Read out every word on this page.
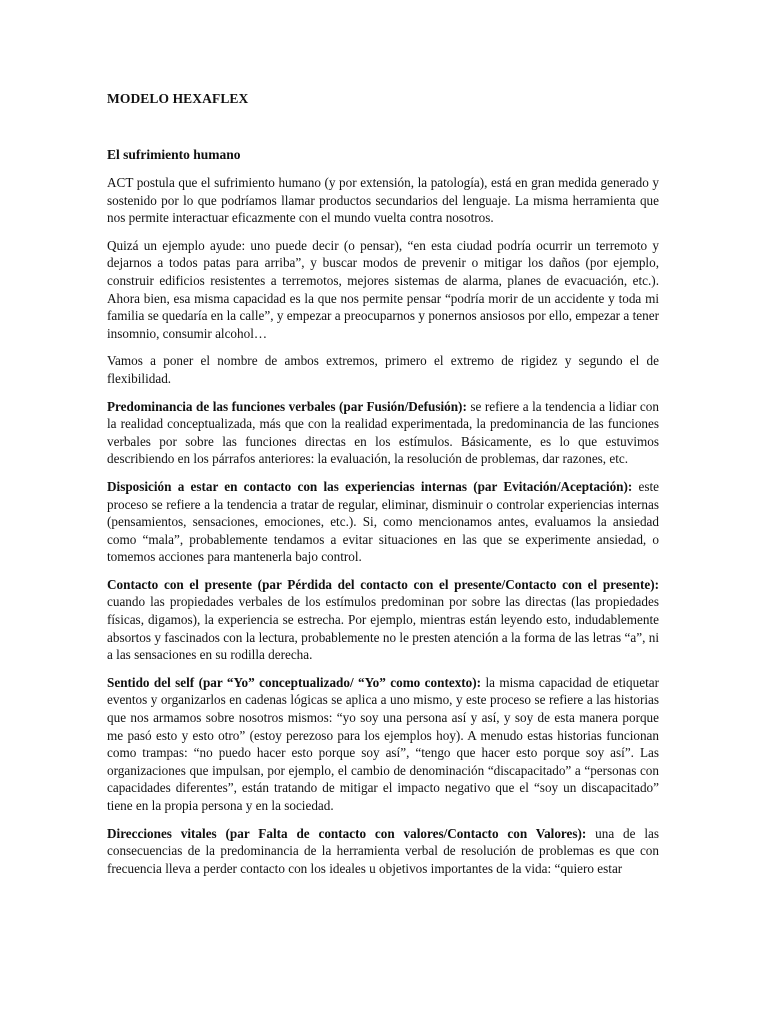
MODELO HEXAFLEX
El sufrimiento humano

ACT postula que el sufrimiento humano (y por extensión, la patología), está en gran medida generado y sostenido por lo que podríamos llamar productos secundarios del lenguaje. La misma herramienta que nos permite interactuar eficazmente con el mundo vuelta contra nosotros.

Quizá un ejemplo ayude: uno puede decir (o pensar), “en esta ciudad podría ocurrir un terremoto y dejarnos a todos patas para arriba”, y buscar modos de prevenir o mitigar los daños (por ejemplo, construir edificios resistentes a terremotos, mejores sistemas de alarma, planes de evacuación, etc.). Ahora bien, esa misma capacidad es la que nos permite pensar “podría morir de un accidente y toda mi familia se quedaría en la calle”, y empezar a preocuparnos y ponernos ansiosos por ello, empezar a tener insomnio, consumir alcohol…

Vamos a poner el nombre de ambos extremos, primero el extremo de rigidez y segundo el de flexibilidad.

Predominancia de las funciones verbales (par Fusión/Defusión): se refiere a la tendencia a lidiar con la realidad conceptualizada, más que con la realidad experimentada, la predominancia de las funciones verbales por sobre las funciones directas en los estímulos. Básicamente, es lo que estuvimos describiendo en los párrafos anteriores: la evaluación, la resolución de problemas, dar razones, etc.

Disposición a estar en contacto con las experiencias internas (par Evitación/Aceptación): este proceso se refiere a la tendencia a tratar de regular, eliminar, disminuir o controlar experiencias internas (pensamientos, sensaciones, emociones, etc.). Si, como mencionamos antes, evaluamos la ansiedad como “mala”, probablemente tendamos a evitar situaciones en las que se experimente ansiedad, o tomemos acciones para mantenerla bajo control.

Contacto con el presente (par Pérdida del contacto con el presente/Contacto con el presente): cuando las propiedades verbales de los estímulos predominan por sobre las directas (las propiedades físicas, digamos), la experiencia se estrecha. Por ejemplo, mientras están leyendo esto, indudablemente absortos y fascinados con la lectura, probablemente no le presten atención a la forma de las letras “a”, ni a las sensaciones en su rodilla derecha.

Sentido del self (par “Yo” conceptualizado/ “Yo” como contexto): la misma capacidad de etiquetar eventos y organizarlos en cadenas lógicas se aplica a uno mismo, y este proceso se refiere a las historias que nos armamos sobre nosotros mismos: “yo soy una persona así y así, y soy de esta manera porque me pasó esto y esto otro” (estoy perezoso para los ejemplos hoy). A menudo estas historias funcionan como trampas: “no puedo hacer esto porque soy así”, “tengo que hacer esto porque soy así”. Las organizaciones que impulsan, por ejemplo, el cambio de denominación “discapacitado” a “personas con capacidades diferentes”, están tratando de mitigar el impacto negativo que el “soy un discapacitado” tiene en la propia persona y en la sociedad.

Direcciones vitales (par Falta de contacto con valores/Contacto con Valores): una de las consecuencias de la predominancia de la herramienta verbal de resolución de problemas es que con frecuencia lleva a perder contacto con los ideales u objetivos importantes de la vida: “quiero estar
